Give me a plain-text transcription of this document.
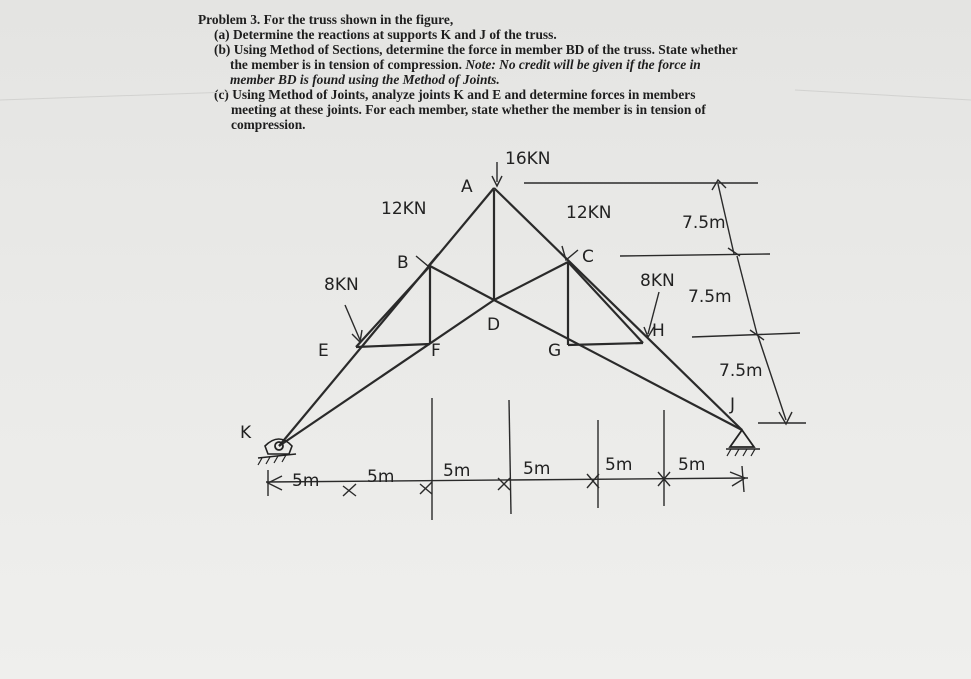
Problem 3. For the truss shown in the figure,
(a) Determine the reactions at supports K and J of the truss.
(b) Using Method of Sections, determine the force in member BD of the truss. State whether
the member is in tension of compression. Note: No credit will be given if the force in
member BD is found using the Method of Joints.
(c) Using Method of Joints, analyze joints K and E and determine forces in members
meeting at these joints. For each member, state whether the member is in tension of
compression.
A
B	C
D
E	F	G
H
J
K
16KN
12KN	12KN
8KN	8KN
7.5m
7.5m
7.5m
5m	5m	5m	5m	5m	5m
